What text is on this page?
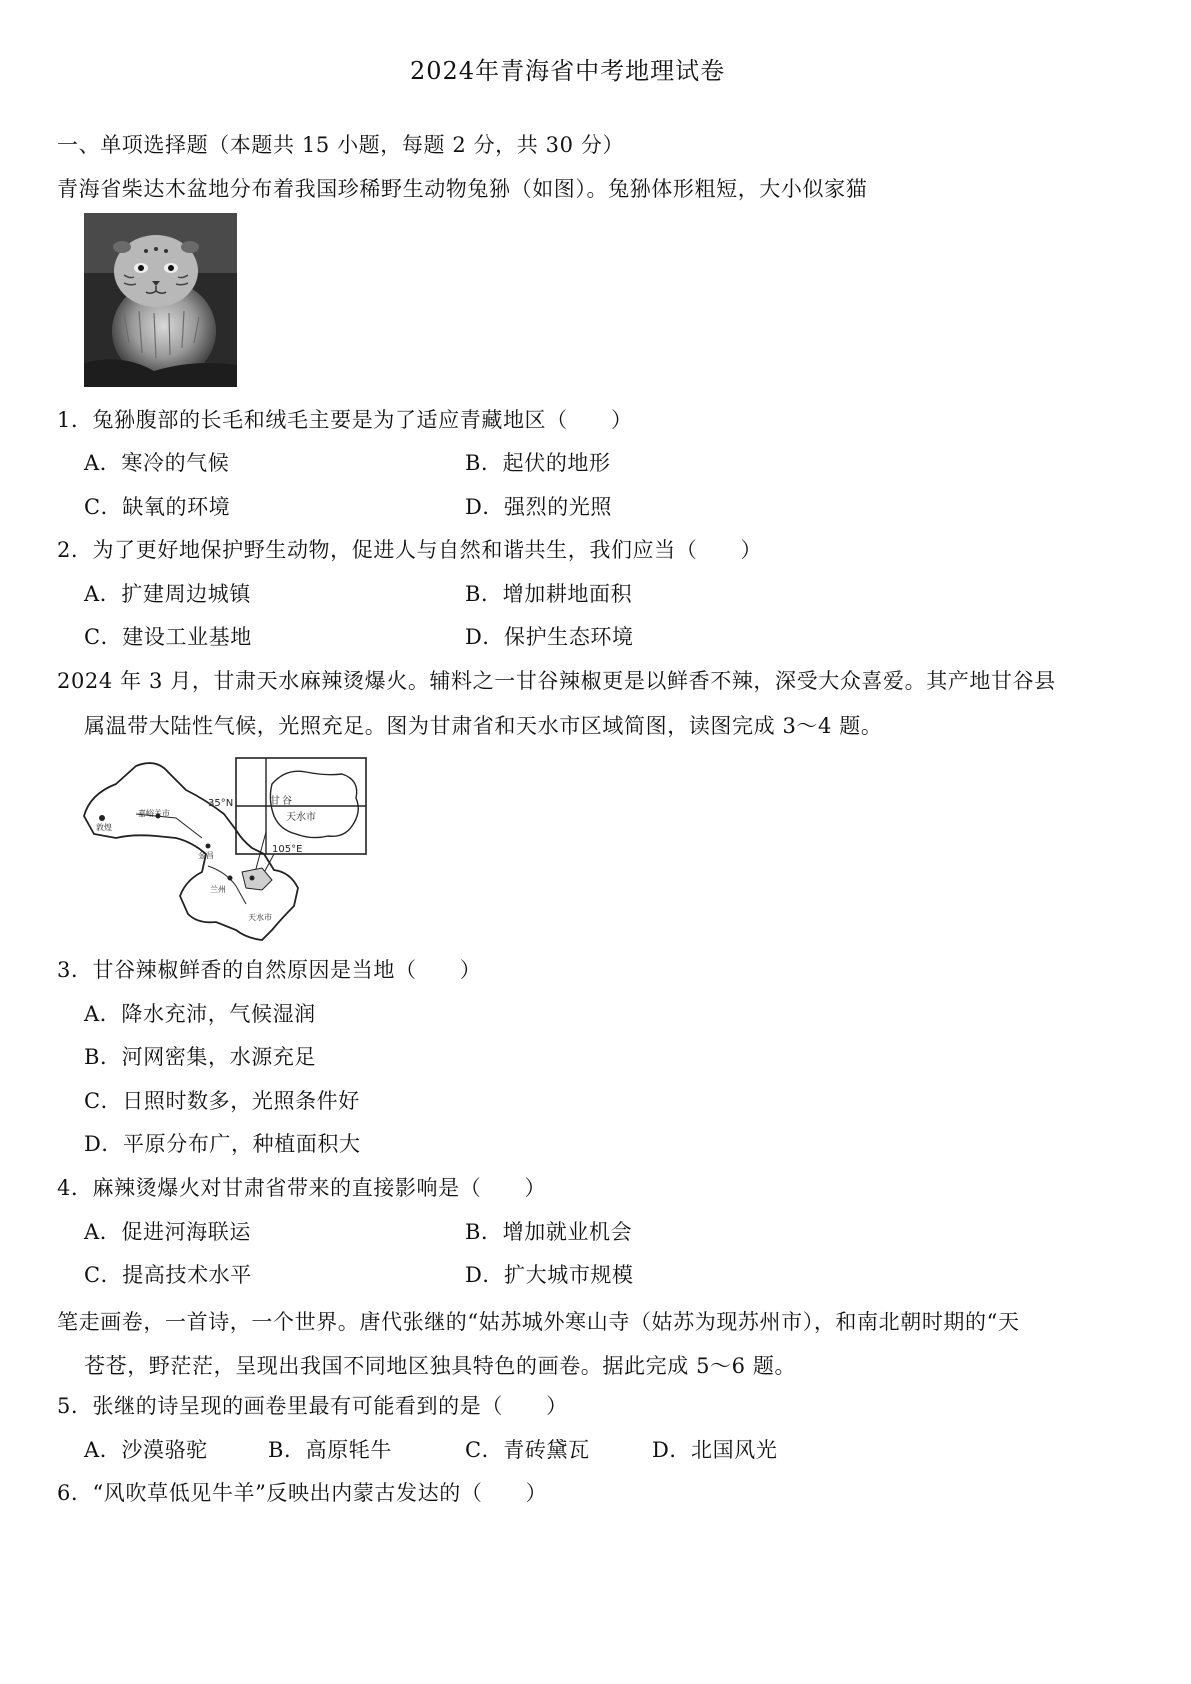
2024年青海省中考地理试卷
一、单项选择题（本题共 15 小题，每题 2 分，共 30 分）
青海省柴达木盆地分布着我国珍稀野生动物兔狲（如图）。兔狲体形粗短，大小似家猫
1．兔狲腹部的长毛和绒毛主要是为了适应青藏地区（　　）
A．寒冷的气候	B．起伏的地形
C．缺氧的环境	D．强烈的光照
2．为了更好地保护野生动物，促进人与自然和谐共生，我们应当（　　）
A．扩建周边城镇	B．增加耕地面积
C．建设工业基地	D．保护生态环境
2024 年 3 月，甘肃天水麻辣烫爆火。辅料之一甘谷辣椒更是以鲜香不辣，深受大众喜爱。其产地甘谷县
属温带大陆性气候，光照充足。图为甘肃省和天水市区域简图，读图完成 3～4 题。
35°N
105°E
甘 谷
天水市
敦煌
嘉峪关市
金昌
兰州
天水市
3．甘谷辣椒鲜香的自然原因是当地（　　）
A．降水充沛，气候湿润
B．河网密集，水源充足
C．日照时数多，光照条件好
D．平原分布广，种植面积大
4．麻辣烫爆火对甘肃省带来的直接影响是（　　）
A．促进河海联运	B．增加就业机会
C．提高技术水平	D．扩大城市规模
笔走画卷，一首诗，一个世界。唐代张继的“姑苏城外寒山寺（姑苏为现苏州市），和南北朝时期的“天
苍苍，野茫茫，呈现出我国不同地区独具特色的画卷。据此完成 5～6 题。
5．张继的诗呈现的画卷里最有可能看到的是（　　）
A．沙漠骆驼	B．高原牦牛	C．青砖黛瓦	D．北国风光
6．“风吹草低见牛羊”反映出内蒙古发达的（　　）
